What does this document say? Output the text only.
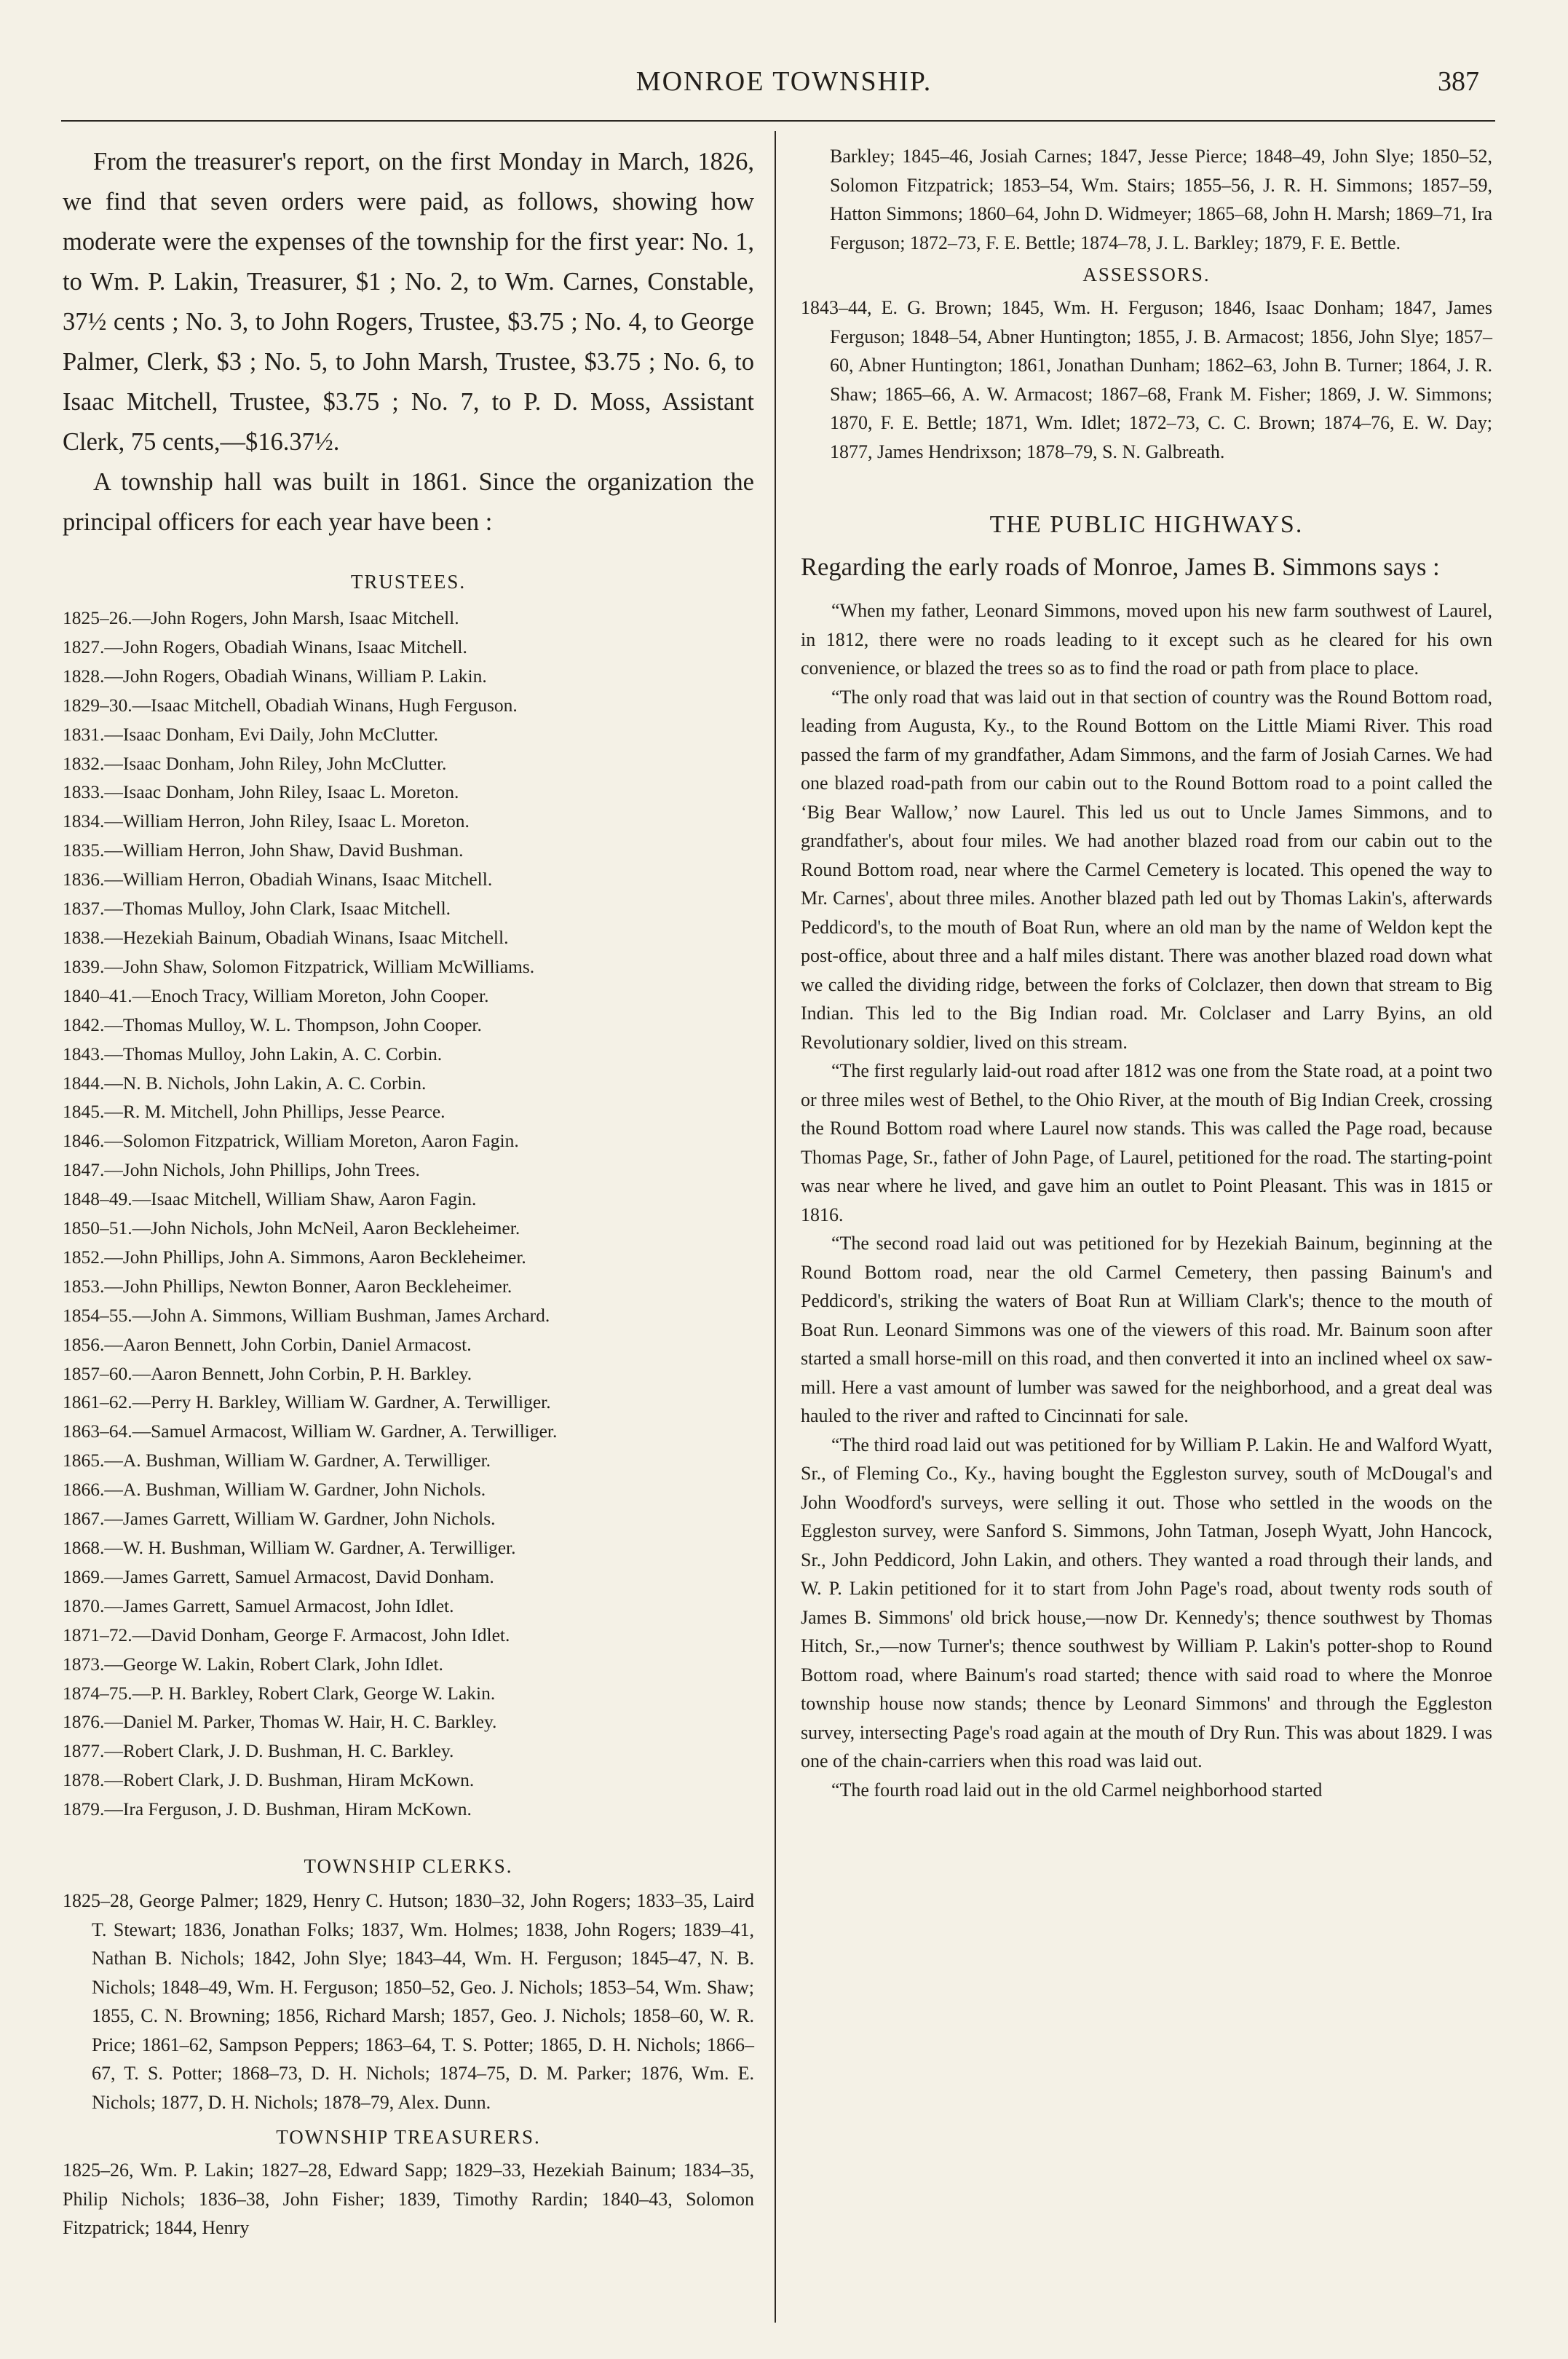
MONROE TOWNSHIP.	387

From the treasurer's report, on the first Monday in March, 1826, we find that seven orders were paid, as follows, showing how moderate were the expenses of the township for the first year: No. 1, to Wm. P. Lakin, Treasurer, $1 ; No. 2, to Wm. Carnes, Constable, 37½ cents ; No. 3, to John Rogers, Trustee, $3.75 ; No. 4, to George Palmer, Clerk, $3 ; No. 5, to John Marsh, Trustee, $3.75 ; No. 6, to Isaac Mitchell, Trustee, $3.75 ; No. 7, to P. D. Moss, Assistant Clerk, 75 cents,—$16.37½.

A township hall was built in 1861. Since the organization the principal officers for each year have been :

TRUSTEES.

1825–26.—John Rogers, John Marsh, Isaac Mitchell.
1827.—John Rogers, Obadiah Winans, Isaac Mitchell.
1828.—John Rogers, Obadiah Winans, William P. Lakin.
1829–30.—Isaac Mitchell, Obadiah Winans, Hugh Ferguson.
1831.—Isaac Donham, Evi Daily, John McClutter.
1832.—Isaac Donham, John Riley, John McClutter.
1833.—Isaac Donham, John Riley, Isaac L. Moreton.
1834.—William Herron, John Riley, Isaac L. Moreton.
1835.—William Herron, John Shaw, David Bushman.
1836.—William Herron, Obadiah Winans, Isaac Mitchell.
1837.—Thomas Mulloy, John Clark, Isaac Mitchell.
1838.—Hezekiah Bainum, Obadiah Winans, Isaac Mitchell.
1839.—John Shaw, Solomon Fitzpatrick, William McWilliams.
1840–41.—Enoch Tracy, William Moreton, John Cooper.
1842.—Thomas Mulloy, W. L. Thompson, John Cooper.
1843.—Thomas Mulloy, John Lakin, A. C. Corbin.
1844.—N. B. Nichols, John Lakin, A. C. Corbin.
1845.—R. M. Mitchell, John Phillips, Jesse Pearce.
1846.—Solomon Fitzpatrick, William Moreton, Aaron Fagin.
1847.—John Nichols, John Phillips, John Trees.
1848–49.—Isaac Mitchell, William Shaw, Aaron Fagin.
1850–51.—John Nichols, John McNeil, Aaron Beckleheimer.
1852.—John Phillips, John A. Simmons, Aaron Beckleheimer.
1853.—John Phillips, Newton Bonner, Aaron Beckleheimer.
1854–55.—John A. Simmons, William Bushman, James Archard.
1856.—Aaron Bennett, John Corbin, Daniel Armacost.
1857–60.—Aaron Bennett, John Corbin, P. H. Barkley.
1861–62.—Perry H. Barkley, William W. Gardner, A. Terwilliger.
1863–64.—Samuel Armacost, William W. Gardner, A. Terwilliger.
1865.—A. Bushman, William W. Gardner, A. Terwilliger.
1866.—A. Bushman, William W. Gardner, John Nichols.
1867.—James Garrett, William W. Gardner, John Nichols.
1868.—W. H. Bushman, William W. Gardner, A. Terwilliger.
1869.—James Garrett, Samuel Armacost, David Donham.
1870.—James Garrett, Samuel Armacost, John Idlet.
1871–72.—David Donham, George F. Armacost, John Idlet.
1873.—George W. Lakin, Robert Clark, John Idlet.
1874–75.—P. H. Barkley, Robert Clark, George W. Lakin.
1876.—Daniel M. Parker, Thomas W. Hair, H. C. Barkley.
1877.—Robert Clark, J. D. Bushman, H. C. Barkley.
1878.—Robert Clark, J. D. Bushman, Hiram McKown.
1879.—Ira Ferguson, J. D. Bushman, Hiram McKown.

TOWNSHIP CLERKS.

1825–28, George Palmer; 1829, Henry C. Hutson; 1830–32, John Rogers; 1833–35, Laird T. Stewart; 1836, Jonathan Folks; 1837, Wm. Holmes; 1838, John Rogers; 1839–41, Nathan B. Nichols; 1842, John Slye; 1843–44, Wm. H. Ferguson; 1845–47, N. B. Nichols; 1848–49, Wm. H. Ferguson; 1850–52, Geo. J. Nichols; 1853–54, Wm. Shaw; 1855, C. N. Browning; 1856, Richard Marsh; 1857, Geo. J. Nichols; 1858–60, W. R. Price; 1861–62, Sampson Peppers; 1863–64, T. S. Potter; 1865, D. H. Nichols; 1866–67, T. S. Potter; 1868–73, D. H. Nichols; 1874–75, D. M. Parker; 1876, Wm. E. Nichols; 1877, D. H. Nichols; 1878–79, Alex. Dunn.

TOWNSHIP TREASURERS.

1825–26, Wm. P. Lakin; 1827–28, Edward Sapp; 1829–33, Hezekiah Bainum; 1834–35, Philip Nichols; 1836–38, John Fisher; 1839, Timothy Rardin; 1840–43, Solomon Fitzpatrick; 1844, Henry

Barkley; 1845–46, Josiah Carnes; 1847, Jesse Pierce; 1848–49, John Slye; 1850–52, Solomon Fitzpatrick; 1853–54, Wm. Stairs; 1855–56, J. R. H. Simmons; 1857–59, Hatton Simmons; 1860–64, John D. Widmeyer; 1865–68, John H. Marsh; 1869–71, Ira Ferguson; 1872–73, F. E. Bettle; 1874–78, J. L. Barkley; 1879, F. E. Bettle.

ASSESSORS.

1843–44, E. G. Brown; 1845, Wm. H. Ferguson; 1846, Isaac Donham; 1847, James Ferguson; 1848–54, Abner Huntington; 1855, J. B. Armacost; 1856, John Slye; 1857–60, Abner Huntington; 1861, Jonathan Dunham; 1862–63, John B. Turner; 1864, J. R. Shaw; 1865–66, A. W. Armacost; 1867–68, Frank M. Fisher; 1869, J. W. Simmons; 1870, F. E. Bettle; 1871, Wm. Idlet; 1872–73, C. C. Brown; 1874–76, E. W. Day; 1877, James Hendrixson; 1878–79, S. N. Galbreath.

THE PUBLIC HIGHWAYS.

Regarding the early roads of Monroe, James B. Simmons says :

“When my father, Leonard Simmons, moved upon his new farm southwest of Laurel, in 1812, there were no roads leading to it except such as he cleared for his own convenience, or blazed the trees so as to find the road or path from place to place.

“The only road that was laid out in that section of country was the Round Bottom road, leading from Augusta, Ky., to the Round Bottom on the Little Miami River. This road passed the farm of my grandfather, Adam Simmons, and the farm of Josiah Carnes. We had one blazed road-path from our cabin out to the Round Bottom road to a point called the ‘Big Bear Wallow,’ now Laurel. This led us out to Uncle James Simmons, and to grandfather's, about four miles. We had another blazed road from our cabin out to the Round Bottom road, near where the Carmel Cemetery is located. This opened the way to Mr. Carnes', about three miles. Another blazed path led out by Thomas Lakin's, afterwards Peddicord's, to the mouth of Boat Run, where an old man by the name of Weldon kept the post-office, about three and a half miles distant. There was another blazed road down what we called the dividing ridge, between the forks of Colclazer, then down that stream to Big Indian. This led to the Big Indian road. Mr. Colclaser and Larry Byins, an old Revolutionary soldier, lived on this stream.

“The first regularly laid-out road after 1812 was one from the State road, at a point two or three miles west of Bethel, to the Ohio River, at the mouth of Big Indian Creek, crossing the Round Bottom road where Laurel now stands. This was called the Page road, because Thomas Page, Sr., father of John Page, of Laurel, petitioned for the road. The starting-point was near where he lived, and gave him an outlet to Point Pleasant. This was in 1815 or 1816.

“The second road laid out was petitioned for by Hezekiah Bainum, beginning at the Round Bottom road, near the old Carmel Cemetery, then passing Bainum's and Peddicord's, striking the waters of Boat Run at William Clark's; thence to the mouth of Boat Run. Leonard Simmons was one of the viewers of this road. Mr. Bainum soon after started a small horse-mill on this road, and then converted it into an inclined wheel ox saw-mill. Here a vast amount of lumber was sawed for the neighborhood, and a great deal was hauled to the river and rafted to Cincinnati for sale.

“The third road laid out was petitioned for by William P. Lakin. He and Walford Wyatt, Sr., of Fleming Co., Ky., having bought the Eggleston survey, south of McDougal's and John Woodford's surveys, were selling it out. Those who settled in the woods on the Eggleston survey, were Sanford S. Simmons, John Tatman, Joseph Wyatt, John Hancock, Sr., John Peddicord, John Lakin, and others. They wanted a road through their lands, and W. P. Lakin petitioned for it to start from John Page's road, about twenty rods south of James B. Simmons' old brick house,—now Dr. Kennedy's; thence southwest by Thomas Hitch, Sr.,—now Turner's; thence southwest by William P. Lakin's potter-shop to Round Bottom road, where Bainum's road started; thence with said road to where the Monroe township house now stands; thence by Leonard Simmons' and through the Eggleston survey, intersecting Page's road again at the mouth of Dry Run. This was about 1829. I was one of the chain-carriers when this road was laid out.

“The fourth road laid out in the old Carmel neighborhood started
